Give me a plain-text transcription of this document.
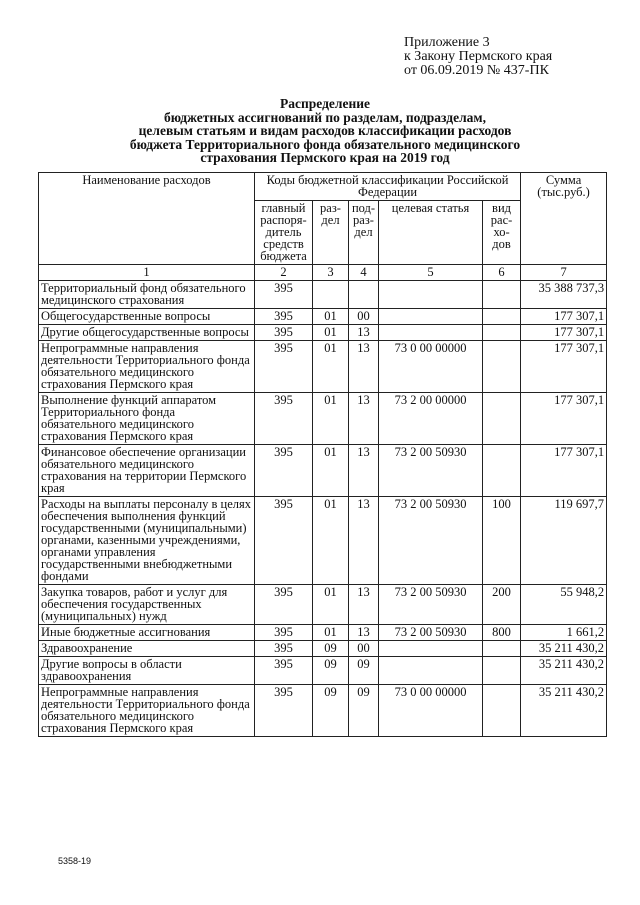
Приложение 3
к Закону Пермского края
от 06.09.2019 № 437-ПК
Распределение
бюджетных ассигнований по разделам, подразделам,
целевым статьям и видам расходов классификации расходов
бюджета Территориального фонда обязательного медицинского
страхования Пермского края на 2019 год
Наименование расходов	Коды бюджетной классификации Российской Федерации					Сумма (тыс.руб.)
	главный распоря-дитель средств бюджета	раз-дел	под-раз-дел	целевая статья	вид рас-хо-дов	
1	2	3	4	5	6	7
Территориальный фонд обязательного медицинского страхования	395					35 388 737,3
Общегосударственные вопросы	395	01	00			177 307,1
Другие общегосударственные вопросы	395	01	13			177 307,1
Непрограммные направления деятельности Территориального фонда обязательного медицинского страхования Пермского края	395	01	13	73 0 00 00000		177 307,1
Выполнение функций аппаратом Территориального фонда обязательного медицинского страхования Пермского края	395	01	13	73 2 00 00000		177 307,1
Финансовое обеспечение организации обязательного медицинского страхования на территории Пермского края	395	01	13	73 2 00 50930		177 307,1
Расходы на выплаты персоналу в целях обеспечения выполнения функций государственными (муниципальными) органами, казенными учреждениями, органами управления государственными внебюджетными фондами	395	01	13	73 2 00 50930	100	119 697,7
Закупка товаров, работ и услуг для обеспечения государственных (муниципальных) нужд	395	01	13	73 2 00 50930	200	55 948,2
Иные бюджетные ассигнования	395	01	13	73 2 00 50930	800	1 661,2
Здравоохранение	395	09	00			35 211 430,2
Другие вопросы в области здравоохранения	395	09	09			35 211 430,2
Непрограммные направления деятельности Территориального фонда обязательного медицинского страхования Пермского края	395	09	09	73 0 00 00000		35 211 430,2
5358-19
